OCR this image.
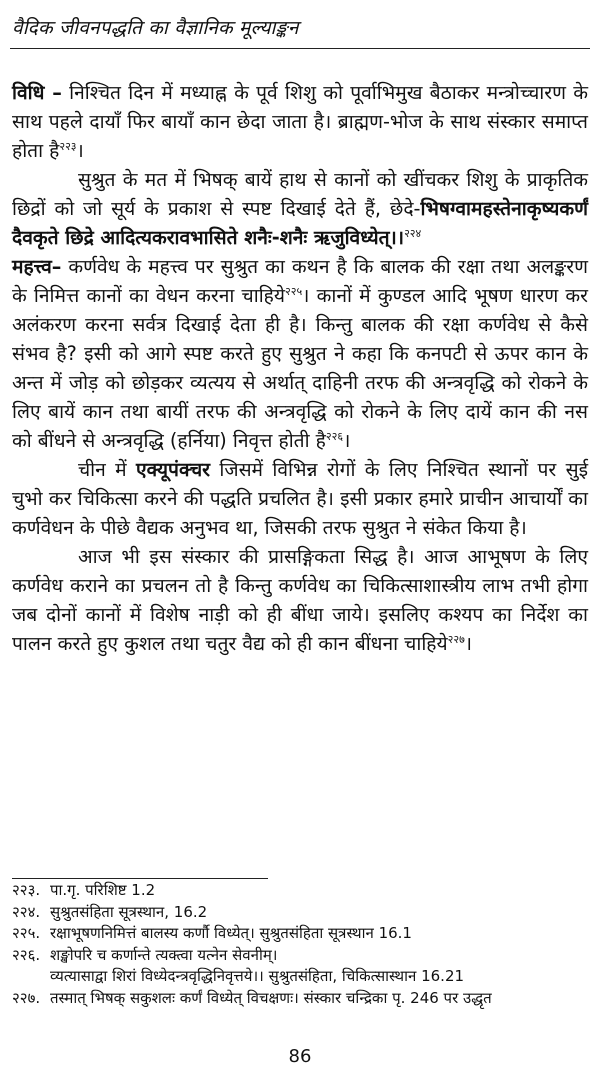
वैदिक जीवनपद्धति का वैज्ञानिक मूल्याङ्कन

विधि – निश्चित दिन में मध्याह्न के पूर्व शिशु को पूर्वाभिमुख बैठाकर मन्त्रोच्चारण के साथ पहले दायाँ फिर बायाँ कान छेदा जाता है। ब्राह्मण-भोज के साथ संस्कार समाप्त होता है$^{२२३}$।

सुश्रुत के मत में भिषक् बायें हाथ से कानों को खींचकर शिशु के प्राकृतिक छिद्रों को जो सूर्य के प्रकाश से स्पष्ट दिखाई देते हैं, छेदे-भिषग्वामहस्तेनाकृष्यकर्णं दैवकृते छिद्रे आदित्यकरावभासिते शनैः-शनैः ऋजुविध्येत्।।$^{२२४}$

महत्त्व– कर्णवेध के महत्त्व पर सुश्रुत का कथन है कि बालक की रक्षा तथा अलङ्करण के निमित्त कानों का वेधन करना चाहिये$^{२२५}$। कानों में कुण्डल आदि भूषण धारण कर अलंकरण करना सर्वत्र दिखाई देता ही है। किन्तु बालक की रक्षा कर्णवेध से कैसे संभव है? इसी को आगे स्पष्ट करते हुए सुश्रुत ने कहा कि कनपटी से ऊपर कान के अन्त में जोड़ को छोड़कर व्यत्यय से अर्थात् दाहिनी तरफ की अन्त्रवृद्धि को रोकने के लिए बायें कान तथा बायीं तरफ की अन्त्रवृद्धि को रोकने के लिए दायें कान की नस को बींधने से अन्त्रवृद्धि (हर्निया) निवृत्त होती है$^{२२६}$।

चीन में एक्यूपंक्चर जिसमें विभिन्न रोगों के लिए निश्चित स्थानों पर सुई चुभो कर चिकित्सा करने की पद्धति प्रचलित है। इसी प्रकार हमारे प्राचीन आचार्यों का कर्णवेधन के पीछे वैद्यक अनुभव था, जिसकी तरफ सुश्रुत ने संकेत किया है।

आज भी इस संस्कार की प्रासङ्गिकता सिद्ध है। आज आभूषण के लिए कर्णवेध कराने का प्रचलन तो है किन्तु कर्णवेध का चिकित्साशास्त्रीय लाभ तभी होगा जब दोनों कानों में विशेष नाड़ी को ही बींधा जाये। इसलिए कश्यप का निर्देश का पालन करते हुए कुशल तथा चतुर वैद्य को ही कान बींधना चाहिये$^{२२७}$।

२२३. पा.गृ. परिशिष्ट 1.2

२२४. सुश्रुतसंहिता सूत्रस्थान, 16.2

२२५. रक्षाभूषणनिमित्तं बालस्य कर्णौ विध्येत्। सुश्रुतसंहिता सूत्रस्थान 16.1

२२६. शङ्खोपरि च कर्णान्ते त्यक्त्वा यत्नेन सेवनीम्।

व्यत्यासाद्वा शिरां विध्येदन्त्रवृद्धिनिवृत्तये।। सुश्रुतसंहिता, चिकित्सास्थान 16.21

२२७. तस्मात् भिषक् सकुशलः कर्णं विध्येत् विचक्षणः। संस्कार चन्द्रिका पृ. 246 पर उद्धृत

86
